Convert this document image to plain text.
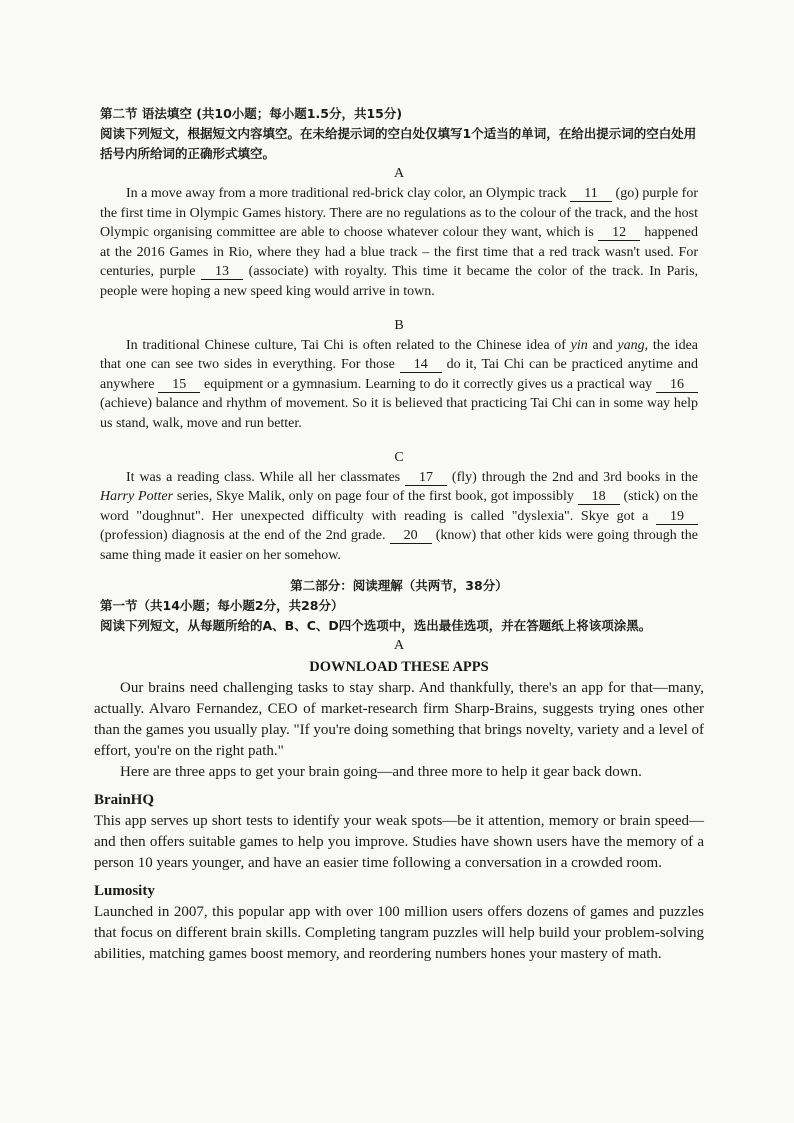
第二节 语法填空 (共10小题；每小题1.5分，共15分)
阅读下列短文，根据短文内容填空。在未给提示词的空白处仅填写1个适当的单词，在给出提示词的空白处用括号内所给词的正确形式填空。
A
In a move away from a more traditional red-brick clay color, an Olympic track 11 (go) purple for the first time in Olympic Games history. There are no regulations as to the colour of the track, and the host Olympic organising committee are able to choose whatever colour they want, which is 12 happened at the 2016 Games in Rio, where they had a blue track – the first time that a red track wasn't used. For centuries, purple 13 (associate) with royalty. This time it became the color of the track. In Paris, people were hoping a new speed king would arrive in town.
B
In traditional Chinese culture, Tai Chi is often related to the Chinese idea of yin and yang, the idea that one can see two sides in everything. For those 14 do it, Tai Chi can be practiced anytime and anywhere 15 equipment or a gymnasium. Learning to do it correctly gives us a practical way 16 (achieve) balance and rhythm of movement. So it is believed that practicing Tai Chi can in some way help us stand, walk, move and run better.
C
It was a reading class. While all her classmates 17 (fly) through the 2nd and 3rd books in the Harry Potter series, Skye Malik, only on page four of the first book, got impossibly 18 (stick) on the word "doughnut". Her unexpected difficulty with reading is called "dyslexia". Skye got a 19 (profession) diagnosis at the end of the 2nd grade. 20 (know) that other kids were going through the same thing made it easier on her somehow.
第二部分：阅读理解（共两节，38分）
第一节（共14小题；每小题2分，共28分）
阅读下列短文，从每题所给的A、B、C、D四个选项中，选出最佳选项，并在答题纸上将该项涂黑。
A
DOWNLOAD THESE APPS
Our brains need challenging tasks to stay sharp. And thankfully, there's an app for that—many, actually. Alvaro Fernandez, CEO of market-research firm Sharp-Brains, suggests trying ones other than the games you usually play. "If you're doing something that brings novelty, variety and a level of effort, you're on the right path."
Here are three apps to get your brain going—and three more to help it gear back down.
BrainHQ
This app serves up short tests to identify your weak spots—be it attention, memory or brain speed—and then offers suitable games to help you improve. Studies have shown users have the memory of a person 10 years younger, and have an easier time following a conversation in a crowded room.
Lumosity
Launched in 2007, this popular app with over 100 million users offers dozens of games and puzzles that focus on different brain skills. Completing tangram puzzles will help build your problem-solving abilities, matching games boost memory, and reordering numbers hones your mastery of math.
